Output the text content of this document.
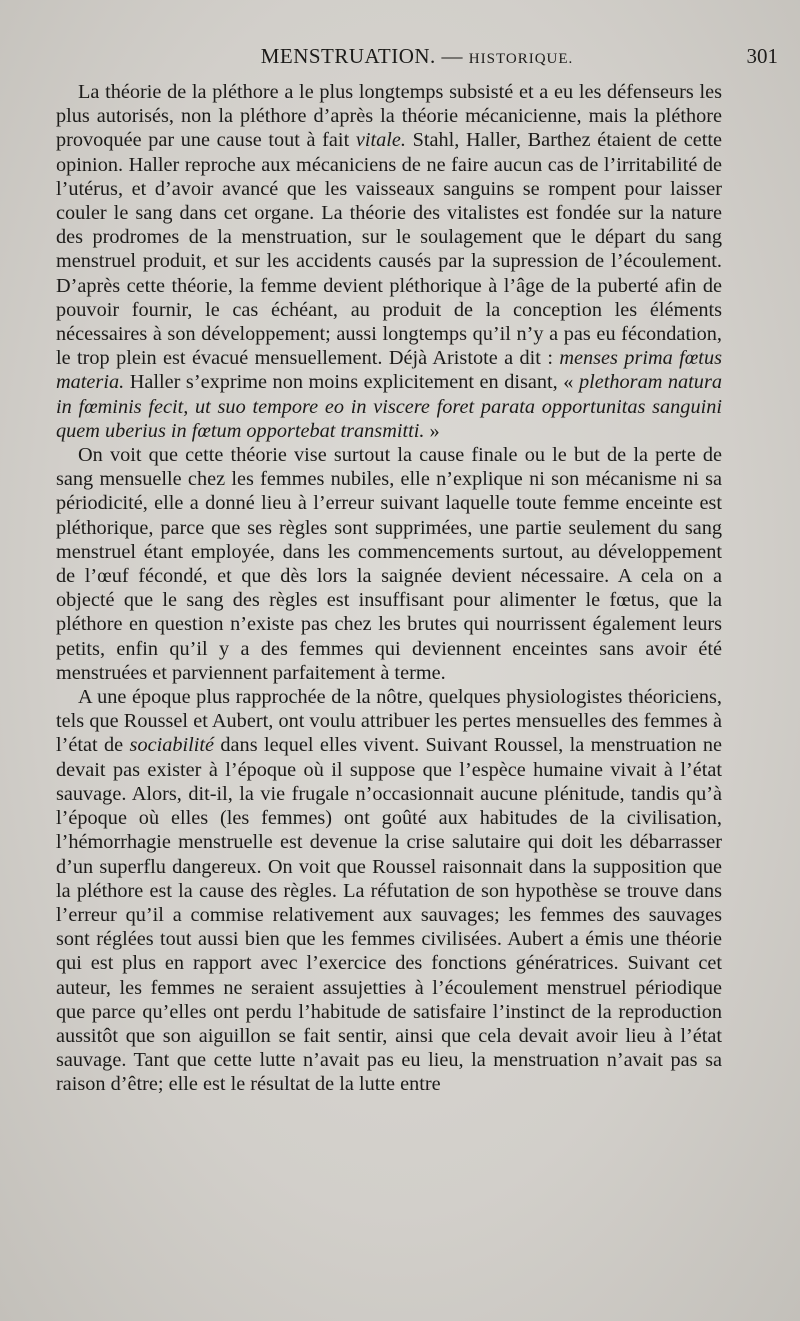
MENSTRUATION. — HISTORIQUE.	301

La théorie de la pléthore a le plus longtemps subsisté et a eu les défenseurs les plus autorisés, non la pléthore d’après la théorie mécanicienne, mais la pléthore provoquée par une cause tout à fait vitale. Stahl, Haller, Barthez étaient de cette opinion. Haller reproche aux mécaniciens de ne faire aucun cas de l’irritabilité de l’utérus, et d’avoir avancé que les vaisseaux sanguins se rompent pour laisser couler le sang dans cet organe. La théorie des vitalistes est fondée sur la nature des prodromes de la menstruation, sur le soulagement que le départ du sang menstruel produit, et sur les accidents causés par la supression de l’écoulement. D’après cette théorie, la femme devient pléthorique à l’âge de la puberté afin de pouvoir fournir, le cas échéant, au produit de la conception les éléments nécessaires à son développement; aussi longtemps qu’il n’y a pas eu fécondation, le trop plein est évacué mensuellement. Déjà Aristote a dit : menses prima fœtus materia. Haller s’exprime non moins explicitement en disant, « plethoram natura in fœminis fecit, ut suo tempore eo in viscere foret parata opportunitas sanguini quem uberius in fœtum opportebat transmitti. »

On voit que cette théorie vise surtout la cause finale ou le but de la perte de sang mensuelle chez les femmes nubiles, elle n’explique ni son mécanisme ni sa périodicité, elle a donné lieu à l’erreur suivant laquelle toute femme enceinte est pléthorique, parce que ses règles sont supprimées, une partie seulement du sang menstruel étant employée, dans les commencements surtout, au développement de l’œuf fécondé, et que dès lors la saignée devient nécessaire. A cela on a objecté que le sang des règles est insuffisant pour alimenter le fœtus, que la pléthore en question n’existe pas chez les brutes qui nourrissent également leurs petits, enfin qu’il y a des femmes qui deviennent enceintes sans avoir été menstruées et parviennent parfaitement à terme.

A une époque plus rapprochée de la nôtre, quelques physiologistes théoriciens, tels que Roussel et Aubert, ont voulu attribuer les pertes mensuelles des femmes à l’état de sociabilité dans lequel elles vivent. Suivant Roussel, la menstruation ne devait pas exister à l’époque où il suppose que l’espèce humaine vivait à l’état sauvage. Alors, dit-il, la vie frugale n’occasionnait aucune plénitude, tandis qu’à l’époque où elles (les femmes) ont goûté aux habitudes de la civilisation, l’hémorrhagie menstruelle est devenue la crise salutaire qui doit les débarrasser d’un superflu dangereux. On voit que Roussel raisonnait dans la supposition que la pléthore est la cause des règles. La réfutation de son hypothèse se trouve dans l’erreur qu’il a commise relativement aux sauvages; les femmes des sauvages sont réglées tout aussi bien que les femmes civilisées. Aubert a émis une théorie qui est plus en rapport avec l’exercice des fonctions génératrices. Suivant cet auteur, les femmes ne seraient assujetties à l’écoulement menstruel périodique que parce qu’elles ont perdu l’habitude de satisfaire l’instinct de la reproduction aussitôt que son aiguillon se fait sentir, ainsi que cela devait avoir lieu à l’état sauvage. Tant que cette lutte n’avait pas eu lieu, la menstruation n’avait pas sa raison d’être; elle est le résultat de la lutte entre
